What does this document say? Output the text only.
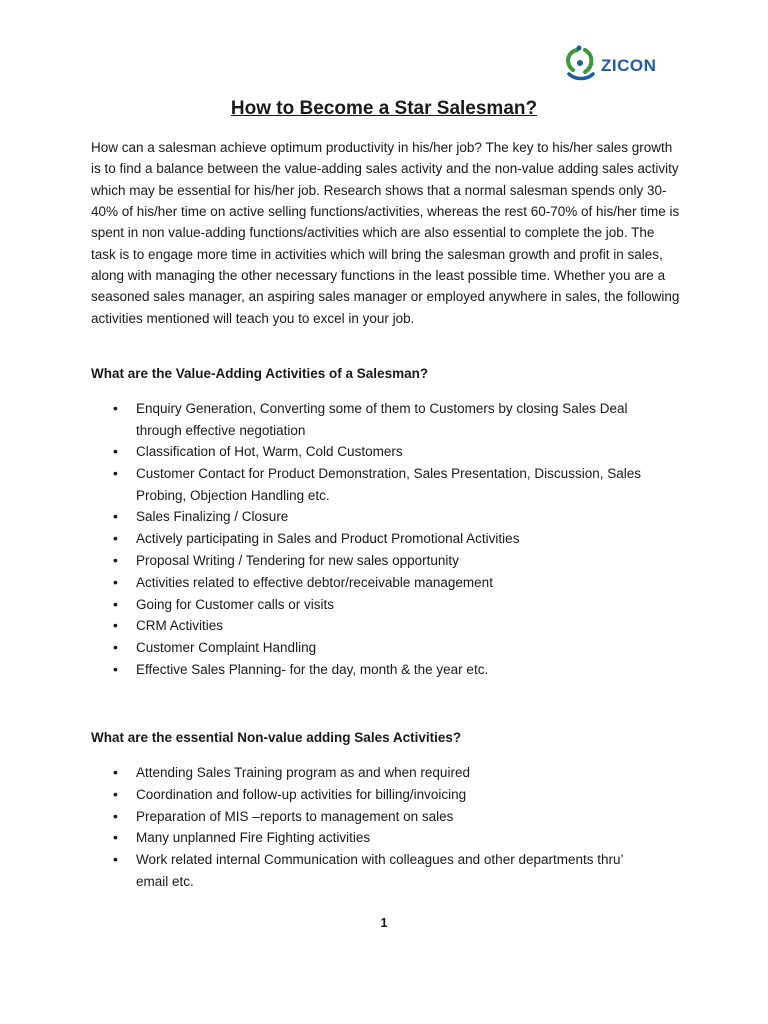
ZICON
How to Become a Star Salesman?

How can a salesman achieve optimum productivity in his/her job? The key to his/her sales growth is to find a balance between the value-adding sales activity and the non-value adding sales activity which may be essential for his/her job. Research shows that a normal salesman spends only 30-40% of his/her time on active selling functions/activities, whereas the rest 60-70% of his/her time is spent in non value-adding functions/activities which are also essential to complete the job. The task is to engage more time in activities which will bring the salesman growth and profit in sales, along with managing the other necessary functions in the least possible time. Whether you are a seasoned sales manager, an aspiring sales manager or employed anywhere in sales, the following activities mentioned will teach you to excel in your job.

What are the Value-Adding Activities of a Salesman?

• Enquiry Generation, Converting some of them to Customers by closing Sales Deal through effective negotiation
• Classification of Hot, Warm, Cold Customers
• Customer Contact for Product Demonstration, Sales Presentation, Discussion, Sales Probing, Objection Handling etc.
• Sales Finalizing / Closure
• Actively participating in Sales and Product Promotional Activities
• Proposal Writing / Tendering for new sales opportunity
• Activities related to effective debtor/receivable management
• Going for Customer calls or visits
• CRM Activities
• Customer Complaint Handling
• Effective Sales Planning- for the day, month & the year etc.

What are the essential Non-value adding Sales Activities?

• Attending Sales Training program as and when required
• Coordination and follow-up activities for billing/invoicing
• Preparation of MIS –reports to management on sales
• Many unplanned Fire Fighting activities
• Work related internal Communication with colleagues and other departments thru’ email etc.
1
